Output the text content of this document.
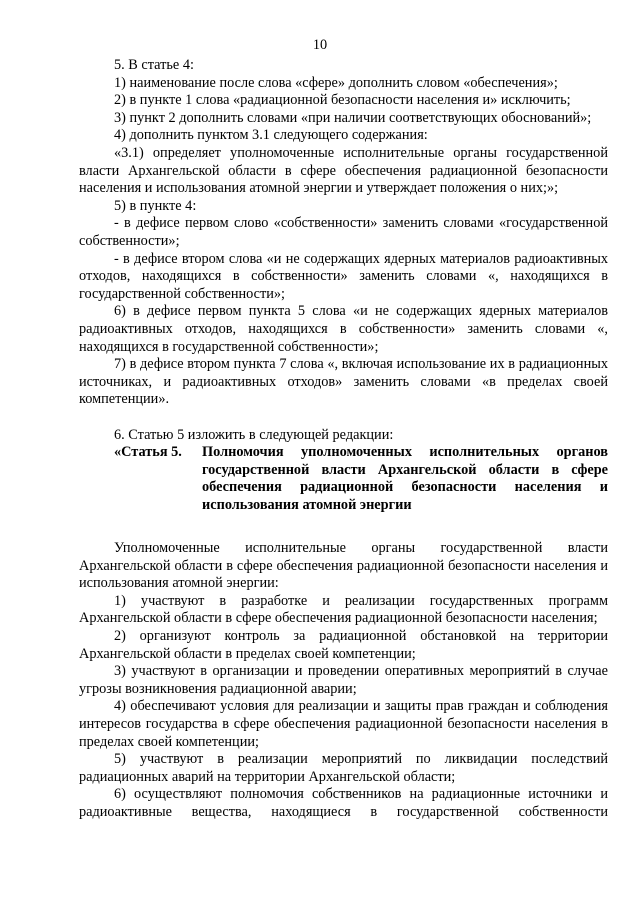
10

5. В статье 4:

1) наименование после слова «сфере» дополнить словом «обеспечения»;

2) в пункте 1 слова «радиационной безопасности населения и» исключить;

3) пункт 2 дополнить словами «при наличии соответствующих обоснований»;

4) дополнить пунктом 3.1 следующего содержания:

«3.1) определяет уполномоченные исполнительные органы государственной власти Архангельской области в сфере обеспечения радиационной безопасности населения и использования атомной энергии и утверждает положения о них;»;

5) в пункте 4:

- в дефисе первом слово «собственности» заменить словами «государственной собственности»;

- в дефисе втором слова «и не содержащих ядерных материалов радиоактивных отходов, находящихся в собственности» заменить словами «, находящихся в государственной собственности»;

6) в дефисе первом пункта 5 слова «и не содержащих ядерных материалов радиоактивных отходов, находящихся в собственности» заменить словами «, находящихся в государственной собственности»;

7) в дефисе втором пункта 7 слова «, включая использование их в радиационных источниках, и радиоактивных отходов» заменить словами «в пределах своей компетенции».

6. Статью 5 изложить в следующей редакции:

«Статья 5.	Полномочия уполномоченных исполнительных органов государственной власти Архангельской области в сфере обеспечения радиационной безопасности населения и использования атомной энергии

Уполномоченные исполнительные органы государственной власти Архангельской области в сфере обеспечения радиационной безопасности населения и использования атомной энергии:

1) участвуют в разработке и реализации государственных программ Архангельской области в сфере обеспечения радиационной безопасности населения;

2) организуют контроль за радиационной обстановкой на территории Архангельской области в пределах своей компетенции;

3) участвуют в организации и проведении оперативных мероприятий в случае угрозы возникновения радиационной аварии;

4) обеспечивают условия для реализации и защиты прав граждан и соблюдения интересов государства в сфере обеспечения радиационной безопасности населения в пределах своей компетенции;

5) участвуют в реализации мероприятий по ликвидации последствий радиационных аварий на территории Архангельской области;

6) осуществляют полномочия собственников на радиационные источники и радиоактивные вещества, находящиеся в государственной собственности
